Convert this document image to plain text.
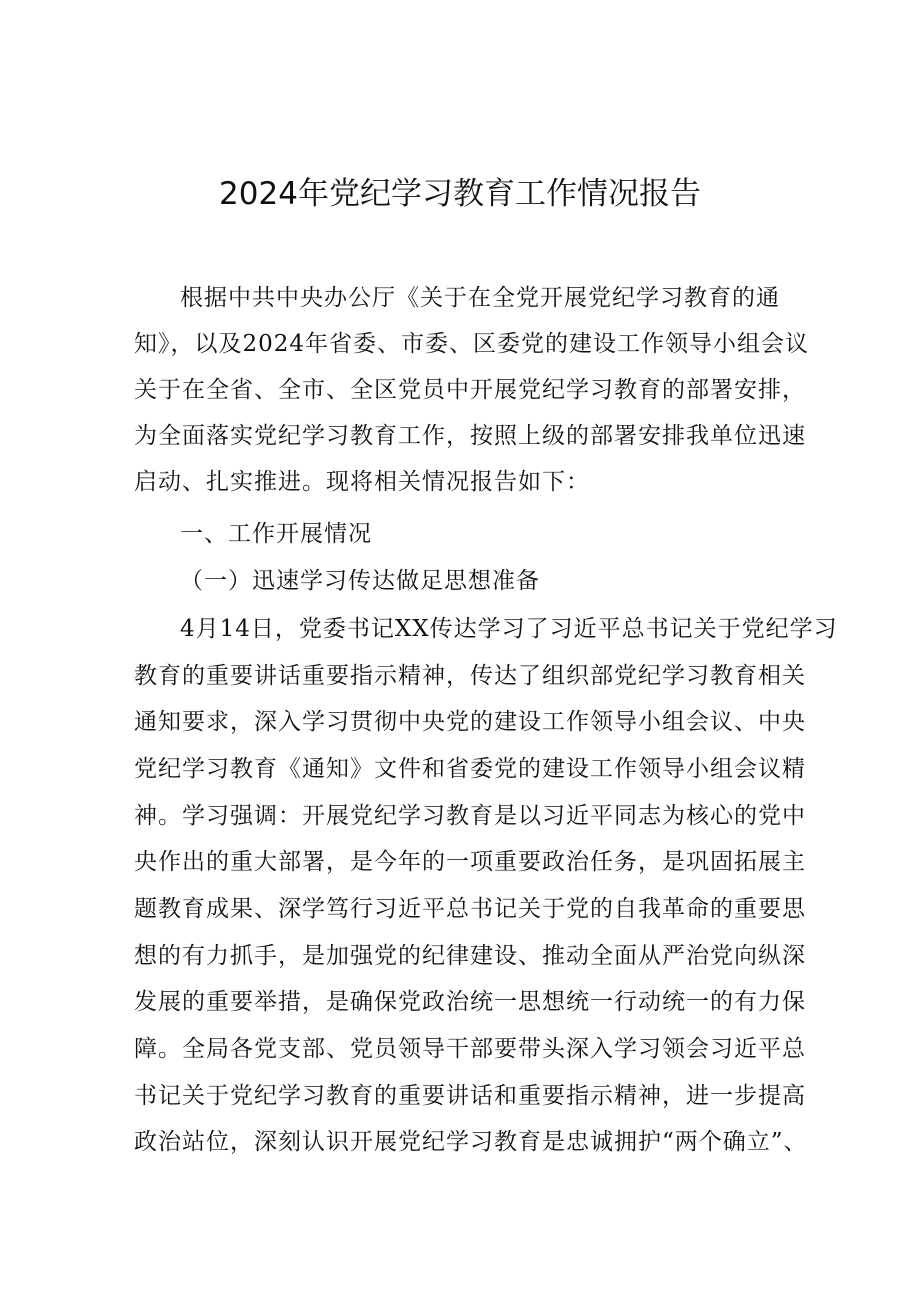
2024年党纪学习教育工作情况报告
根据中共中央办公厅《关于在全党开展党纪学习教育的通
知》，以及2024年省委、市委、区委党的建设工作领导小组会议
关于在全省、全市、全区党员中开展党纪学习教育的部署安排，
为全面落实党纪学习教育工作，按照上级的部署安排我单位迅速
启动、扎实推进。现将相关情况报告如下：
一、工作开展情况
（一）迅速学习传达做足思想准备
4月14日，党委书记XX传达学习了习近平总书记关于党纪学习
教育的重要讲话重要指示精神，传达了组织部党纪学习教育相关
通知要求，深入学习贯彻中央党的建设工作领导小组会议、中央
党纪学习教育《通知》文件和省委党的建设工作领导小组会议精
神。学习强调：开展党纪学习教育是以习近平同志为核心的党中
央作出的重大部署，是今年的一项重要政治任务，是巩固拓展主
题教育成果、深学笃行习近平总书记关于党的自我革命的重要思
想的有力抓手，是加强党的纪律建设、推动全面从严治党向纵深
发展的重要举措，是确保党政治统一思想统一行动统一的有力保
障。全局各党支部、党员领导干部要带头深入学习领会习近平总
书记关于党纪学习教育的重要讲话和重要指示精神，进一步提高
政治站位，深刻认识开展党纪学习教育是忠诚拥护“两个确立”、
